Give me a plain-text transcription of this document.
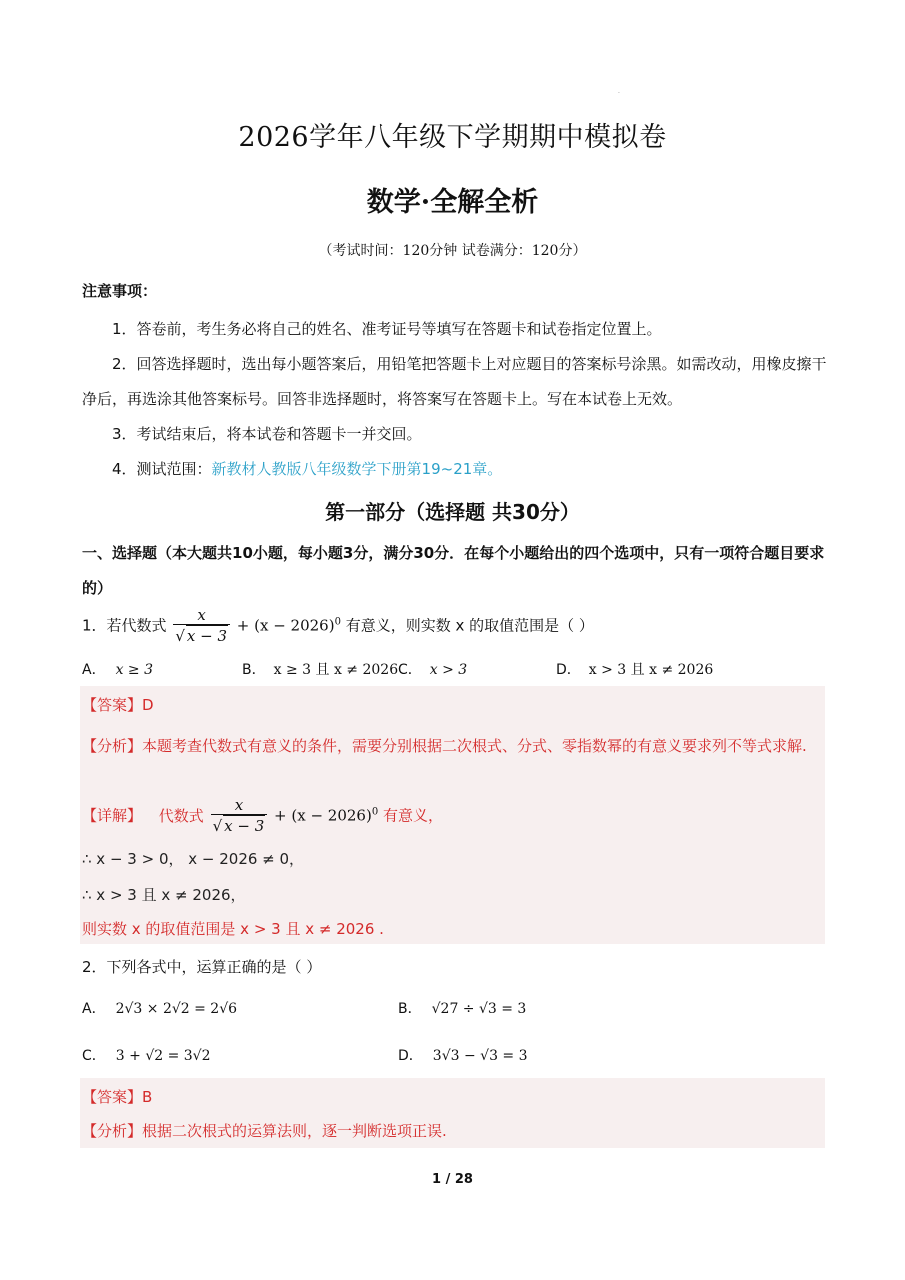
·
2026学年八年级下学期期中模拟卷
数学·全解全析
（考试时间：120分钟 试卷满分：120分）
注意事项：

1．答卷前，考生务必将自己的姓名、准考证号等填写在答题卡和试卷指定位置上。

2．回答选择题时，选出每小题答案后，用铅笔把答题卡上对应题目的答案标号涂黑。如需改动，用橡皮擦干净后，再选涂其他答案标号。回答非选择题时，将答案写在答题卡上。写在本试卷上无效。

3．考试结束后，将本试卷和答题卡一并交回。

4．测试范围：新教材人教版八年级数学下册第19~21章。

第一部分（选择题 共30分）
一、选择题（本大题共10小题，每小题3分，满分30分．在每个小题给出的四个选项中，只有一项符合题目要求的）
1．若代数式 $\frac{x}{√ x - 3} + (x - 2026)^0$ 有意义，则实数 x 的取值范围是（ ）
A． x ≥ 3	B． x ≥ 3 且 x ≠ 2026 C． x > 3	D． x > 3 且 x ≠ 2026
【答案】D
【分析】本题考查代数式有意义的条件，需要分别根据二次根式、分式、零指数幂的有意义要求列不等式求解.
【详解】 代数式 $\frac{x}{√ x - 3} + (x - 2026)^0$ 有意义，
∴ x − 3 > 0， x − 2026 ≠ 0，
∴ x > 3 且 x ≠ 2026，
则实数 x 的取值范围是 x > 3 且 x ≠ 2026 .
2．下列各式中，运算正确的是（ ）
A． 2√3 × 2√2 = 2√6	B． √27 ÷ √3 = 3
C． 3 + √2 = 3√2	D． 3√3 − √3 = 3
【答案】B
【分析】根据二次根式的运算法则，逐一判断选项正误.
1 / 28
